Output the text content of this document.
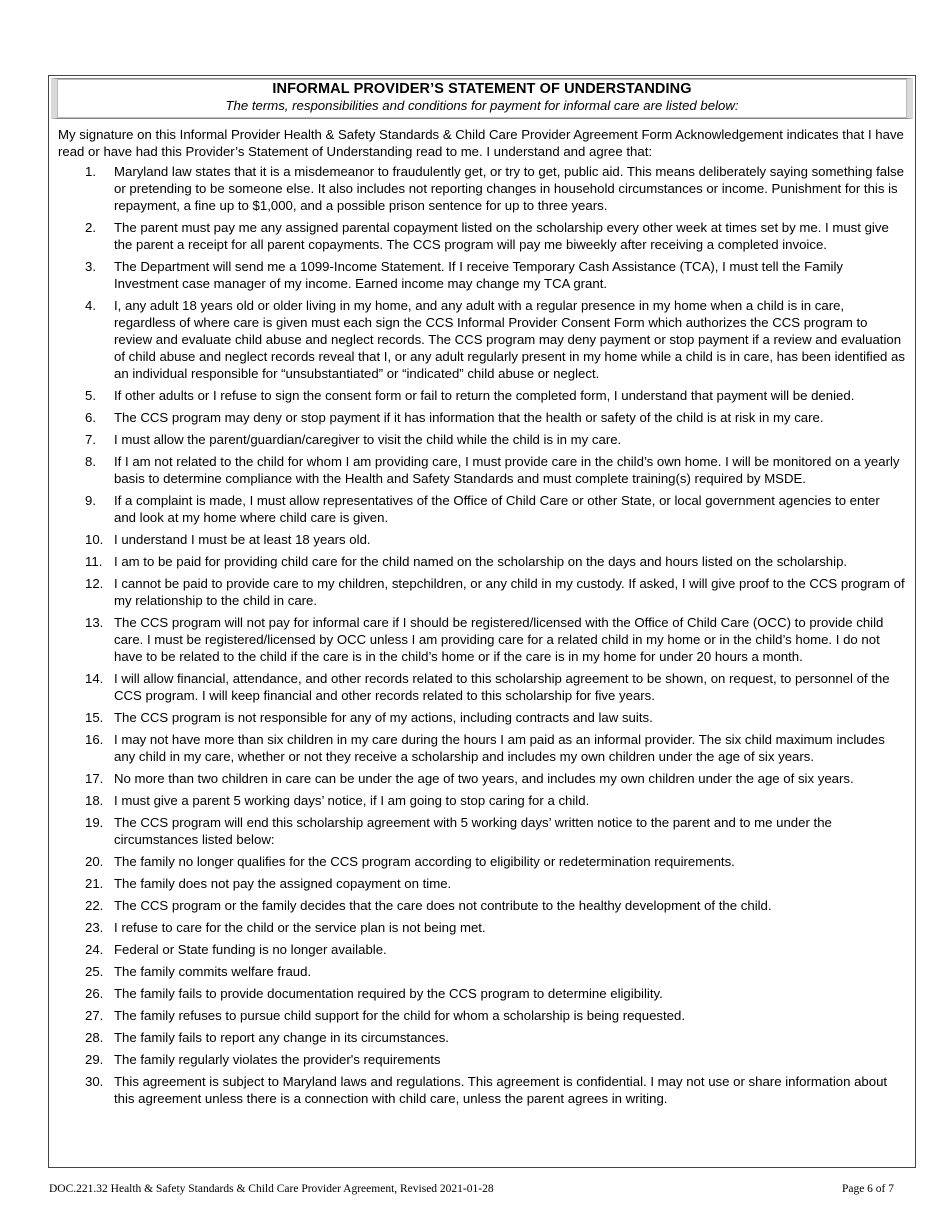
INFORMAL PROVIDER’S STATEMENT OF UNDERSTANDING
The terms, responsibilities and conditions for payment for informal care are listed below:
My signature on this Informal Provider Health & Safety Standards & Child Care Provider Agreement Form Acknowledgement indicates that I have read or have had this Provider’s Statement of Understanding read to me. I understand and agree that:
1.	Maryland law states that it is a misdemeanor to fraudulently get, or try to get, public aid. This means deliberately saying something false or pretending to be someone else. It also includes not reporting changes in household circumstances or income. Punishment for this is repayment, a fine up to $1,000, and a possible prison sentence for up to three years.
2.	The parent must pay me any assigned parental copayment listed on the scholarship every other week at times set by me. I must give the parent a receipt for all parent copayments. The CCS program will pay me biweekly after receiving a completed invoice.
3.	The Department will send me a 1099-Income Statement. If I receive Temporary Cash Assistance (TCA), I must tell the Family Investment case manager of my income. Earned income may change my TCA grant.
4.	I, any adult 18 years old or older living in my home, and any adult with a regular presence in my home when a child is in care, regardless of where care is given must each sign the CCS Informal Provider Consent Form which authorizes the CCS program to review and evaluate child abuse and neglect records. The CCS program may deny payment or stop payment if a review and evaluation of child abuse and neglect records reveal that I, or any adult regularly present in my home while a child is in care, has been identified as an individual responsible for “unsubstantiated” or “indicated” child abuse or neglect.
5.	If other adults or I refuse to sign the consent form or fail to return the completed form, I understand that payment will be denied.
6.	The CCS program may deny or stop payment if it has information that the health or safety of the child is at risk in my care.
7.	I must allow the parent/guardian/caregiver to visit the child while the child is in my care.
8.	If I am not related to the child for whom I am providing care, I must provide care in the child’s own home. I will be monitored on a yearly basis to determine compliance with the Health and Safety Standards and must complete training(s) required by MSDE.
9.	If a complaint is made, I must allow representatives of the Office of Child Care or other State, or local government agencies to enter and look at my home where child care is given.
10. I understand I must be at least 18 years old.
11. I am to be paid for providing child care for the child named on the scholarship on the days and hours listed on the scholarship.
12. I cannot be paid to provide care to my children, stepchildren, or any child in my custody. If asked, I will give proof to the CCS program of my relationship to the child in care.
13. The CCS program will not pay for informal care if I should be registered/licensed with the Office of Child Care (OCC) to provide child care. I must be registered/licensed by OCC unless I am providing care for a related child in my home or in the child’s home. I do not have to be related to the child if the care is in the child’s home or if the care is in my home for under 20 hours a month.
14. I will allow financial, attendance, and other records related to this scholarship agreement to be shown, on request, to personnel of the CCS program. I will keep financial and other records related to this scholarship for five years.
15. The CCS program is not responsible for any of my actions, including contracts and law suits.
16. I may not have more than six children in my care during the hours I am paid as an informal provider. The six child maximum includes any child in my care, whether or not they receive a scholarship and includes my own children under the age of six years.
17. No more than two children in care can be under the age of two years, and includes my own children under the age of six years.
18. I must give a parent 5 working days’ notice, if I am going to stop caring for a child.
19. The CCS program will end this scholarship agreement with 5 working days’ written notice to the parent and to me under the circumstances listed below:
20. The family no longer qualifies for the CCS program according to eligibility or redetermination requirements.
21. The family does not pay the assigned copayment on time.
22. The CCS program or the family decides that the care does not contribute to the healthy development of the child.
23. I refuse to care for the child or the service plan is not being met.
24. Federal or State funding is no longer available.
25. The family commits welfare fraud.
26. The family fails to provide documentation required by the CCS program to determine eligibility.
27. The family refuses to pursue child support for the child for whom a scholarship is being requested.
28. The family fails to report any change in its circumstances.
29. The family regularly violates the provider's requirements
30. This agreement is subject to Maryland laws and regulations. This agreement is confidential. I may not use or share information about this agreement unless there is a connection with child care, unless the parent agrees in writing.
DOC.221.32 Health & Safety Standards & Child Care Provider Agreement, Revised 2021-01-28	Page 6 of 7
